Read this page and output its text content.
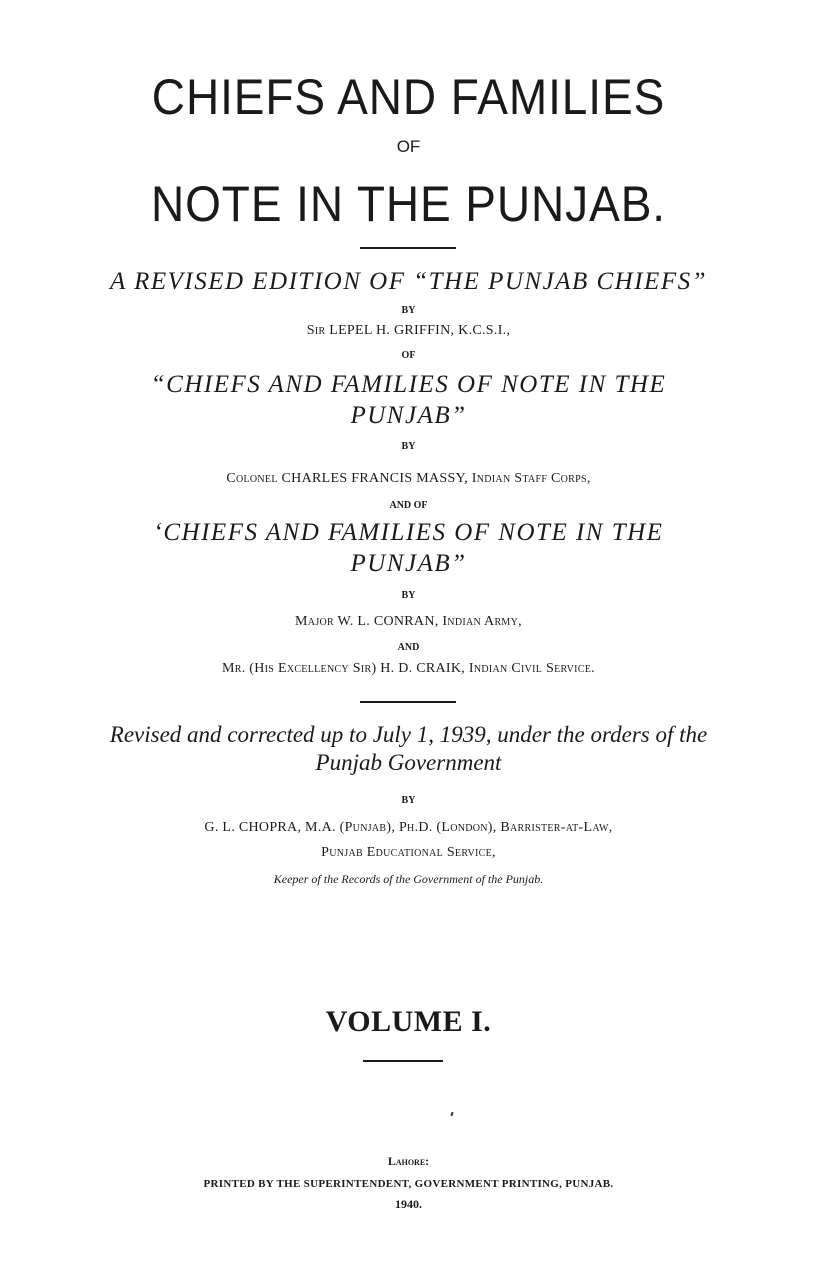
CHIEFS AND FAMILIES
OF
NOTE IN THE PUNJAB.
A REVISED EDITION OF “THE PUNJAB CHIEFS”
BY
Sir LEPEL H. GRIFFIN, K.C.S.I.,
OF
“CHIEFS AND FAMILIES OF NOTE IN THE
PUNJAB”
BY
Colonel CHARLES FRANCIS MASSY, Indian Staff Corps,
AND OF
‘CHIEFS AND FAMILIES OF NOTE IN THE
PUNJAB”
BY
Major W. L. CONRAN, Indian Army,
AND
Mr. (His Excellency Sir) H. D. CRAIK, Indian Civil Service.
Revised and corrected up to July 1, 1939, under the orders of the
Punjab Government
BY
G. L. CHOPRA, M.A. (Punjab), Ph.D. (London), Barrister-at-Law,
Punjab Educational Service,
Keeper of the Records of the Government of the Punjab.
VOLUME I.
Lahore:
PRINTED BY THE SUPERINTENDENT, GOVERNMENT PRINTING, PUNJAB.
1940.
